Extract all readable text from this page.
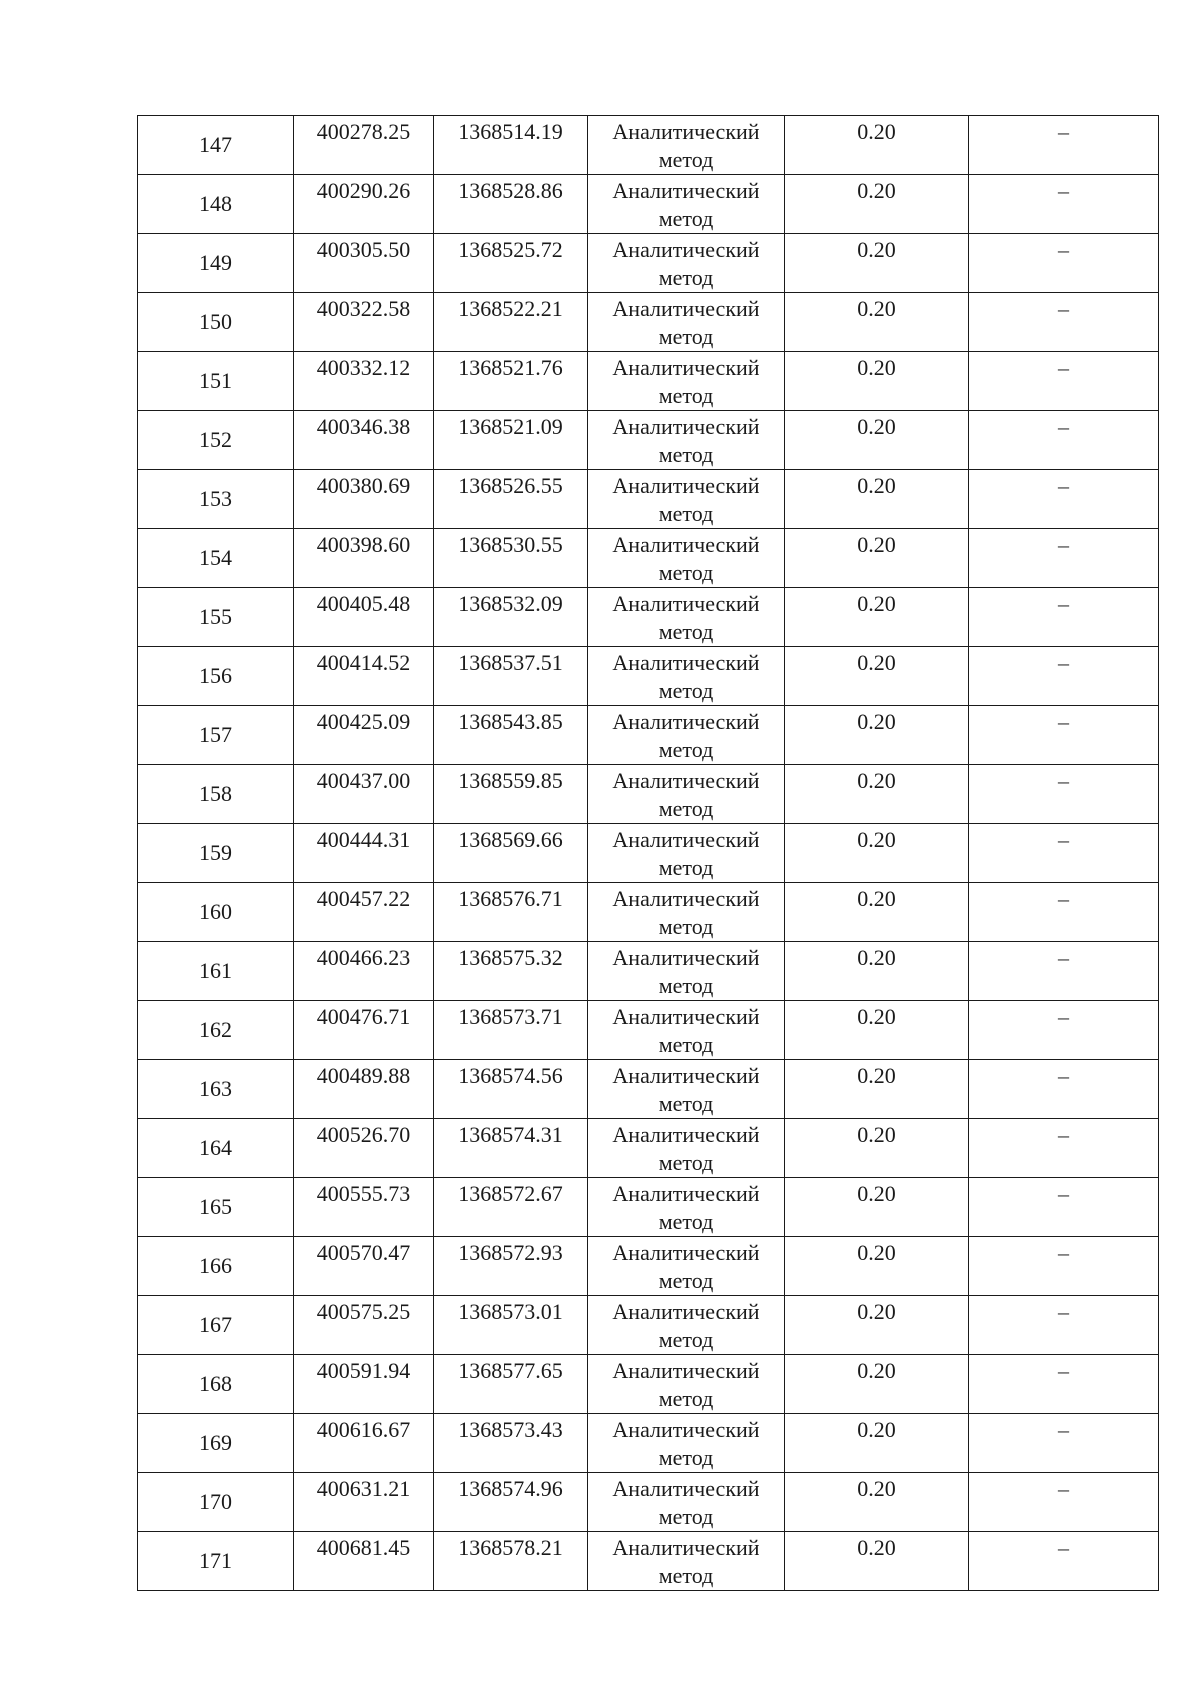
147	400278.25	1368514.19	Аналитический метод	0.20	–
148	400290.26	1368528.86	Аналитический метод	0.20	–
149	400305.50	1368525.72	Аналитический метод	0.20	–
150	400322.58	1368522.21	Аналитический метод	0.20	–
151	400332.12	1368521.76	Аналитический метод	0.20	–
152	400346.38	1368521.09	Аналитический метод	0.20	–
153	400380.69	1368526.55	Аналитический метод	0.20	–
154	400398.60	1368530.55	Аналитический метод	0.20	–
155	400405.48	1368532.09	Аналитический метод	0.20	–
156	400414.52	1368537.51	Аналитический метод	0.20	–
157	400425.09	1368543.85	Аналитический метод	0.20	–
158	400437.00	1368559.85	Аналитический метод	0.20	–
159	400444.31	1368569.66	Аналитический метод	0.20	–
160	400457.22	1368576.71	Аналитический метод	0.20	–
161	400466.23	1368575.32	Аналитический метод	0.20	–
162	400476.71	1368573.71	Аналитический метод	0.20	–
163	400489.88	1368574.56	Аналитический метод	0.20	–
164	400526.70	1368574.31	Аналитический метод	0.20	–
165	400555.73	1368572.67	Аналитический метод	0.20	–
166	400570.47	1368572.93	Аналитический метод	0.20	–
167	400575.25	1368573.01	Аналитический метод	0.20	–
168	400591.94	1368577.65	Аналитический метод	0.20	–
169	400616.67	1368573.43	Аналитический метод	0.20	–
170	400631.21	1368574.96	Аналитический метод	0.20	–
171	400681.45	1368578.21	Аналитический метод	0.20	–
